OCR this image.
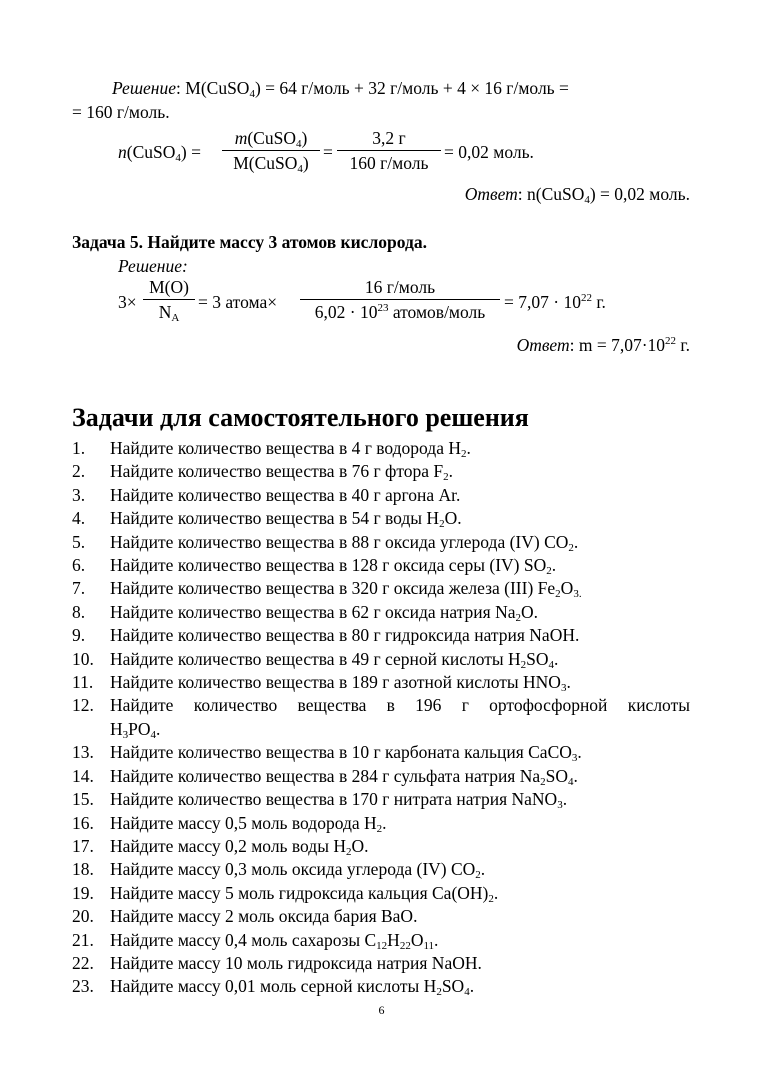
Решение: M(CuSO$_4$) = 64 г/моль + 32 г/моль + 4 × 16 г/моль =
= 160 г/моль.
n(CuSO$_4$) =
m(CuSO$_4$)
M(CuSO$_4$)
=
3,2 г
160 г/моль
= 0,02 моль.
Ответ: n(CuSO$_4$) = 0,02 моль.
Задача 5. Найдите массу 3 атомов кислорода.
Решение:
3×
M(O)
$N_A$
= 3 атома×
16 г/моль
$6,02 \cdot 10^{23}$ атомов/моль	= $7,07 \cdot 10^{22}$ г.
Ответ: $m = 7,07\cdot 10^{22}$ г.
Задачи для самостоятельного решения
1. Найдите количество вещества в 4 г водорода $H_2$.
2. Найдите количество вещества в 76 г фтора $F_2$.
3. Найдите количество вещества в 40 г аргона Ar.
4. Найдите количество вещества в 54 г воды $H_2O$.
5. Найдите количество вещества в 88 г оксида углерода (IV) $CO_2$.
6. Найдите количество вещества в 128 г оксида серы (IV) $SO_2$.
7. Найдите количество вещества в 320 г оксида железа (III) $Fe_2O_{3.}$
8. Найдите количество вещества в 62 г оксида натрия $Na_2O$.
9. Найдите количество вещества в 80 г гидроксида натрия NaOH.
10. Найдите количество вещества в 49 г серной кислоты $H_2SO_4$.
11. Найдите количество вещества в 189 г азотной кислоты $HNO_3$.
12. Найдите количество вещества в 196 г ортофосфорной кислоты $H_3PO_4$.
13. Найдите количество вещества в 10 г карбоната кальция CaCO$_3$.
14. Найдите количество вещества в 284 г сульфата натрия $Na_2SO_4$.
15. Найдите количество вещества в 170 г нитрата натрия NaNO$_3$.
16. Найдите массу 0,5 моль водорода $H_2$.
17. Найдите массу 0,2 моль воды $H_2O$.
18. Найдите массу 0,3 моль оксида углерода (IV) $CO_2$.
19. Найдите массу 5 моль гидроксида кальция $Ca(OH)_2$.
20. Найдите массу 2 моль оксида бария BaO.
21. Найдите массу 0,4 моль сахарозы $C_{12}H_{22}O_{11}$.
22. Найдите массу 10 моль гидроксида натрия NaOH.
23. Найдите массу 0,01 моль серной кислоты $H_2SO_4$.
6
